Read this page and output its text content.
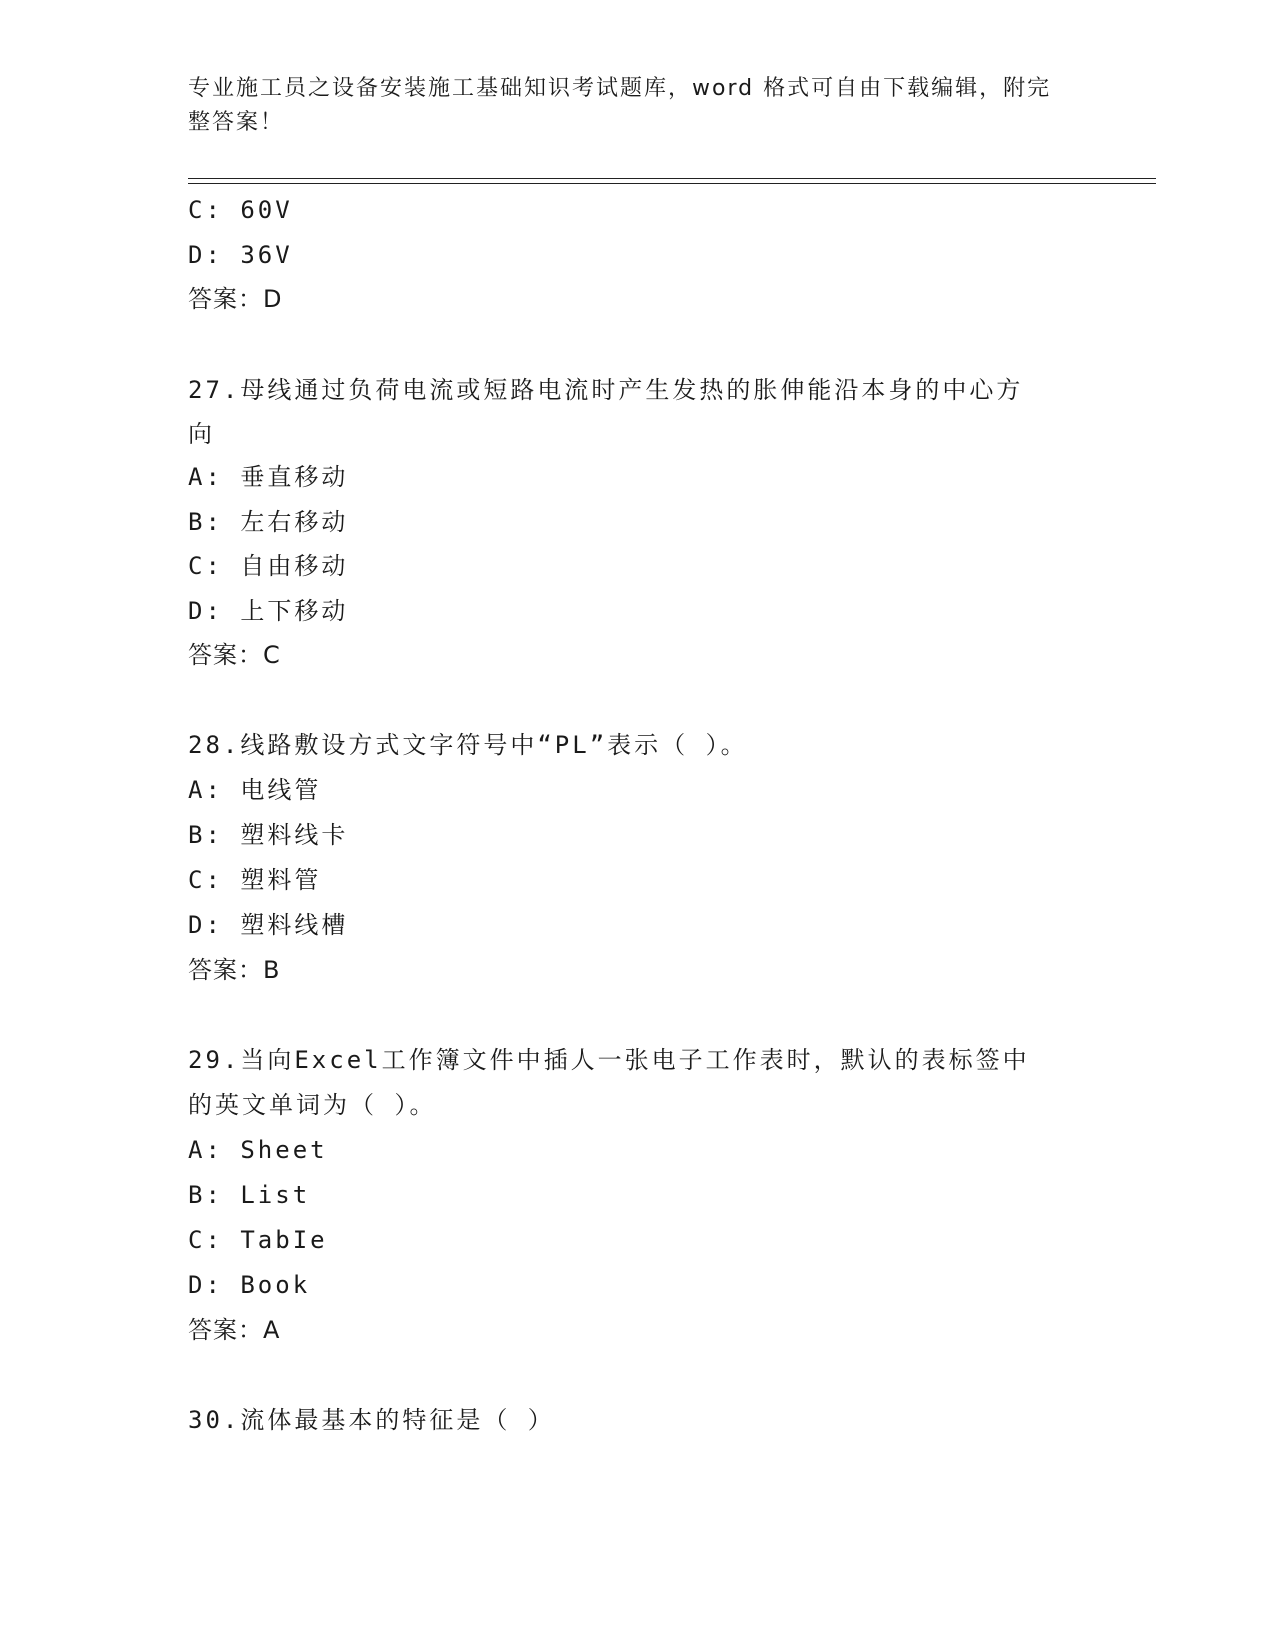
专业施工员之设备安装施工基础知识考试题库，word 格式可自由下载编辑，附完整答案！
C: 60V
D: 36V
答案：D
27.母线通过负荷电流或短路电流时产生发热的胀伸能沿本身的中心方
向
A: 垂直移动
B: 左右移动
C: 自由移动
D: 上下移动
答案：C
28.线路敷设方式文字符号中“PL”表示（ ）。
A: 电线管
B: 塑料线卡
C: 塑料管
D: 塑料线槽
答案：B
29.当向Excel工作簿文件中插人一张电子工作表时，默认的表标签中
的英文单词为（ ）。
A: Sheet
B: List
C: TabIe
D: Book
答案：A
30.流体最基本的特征是（ ）
